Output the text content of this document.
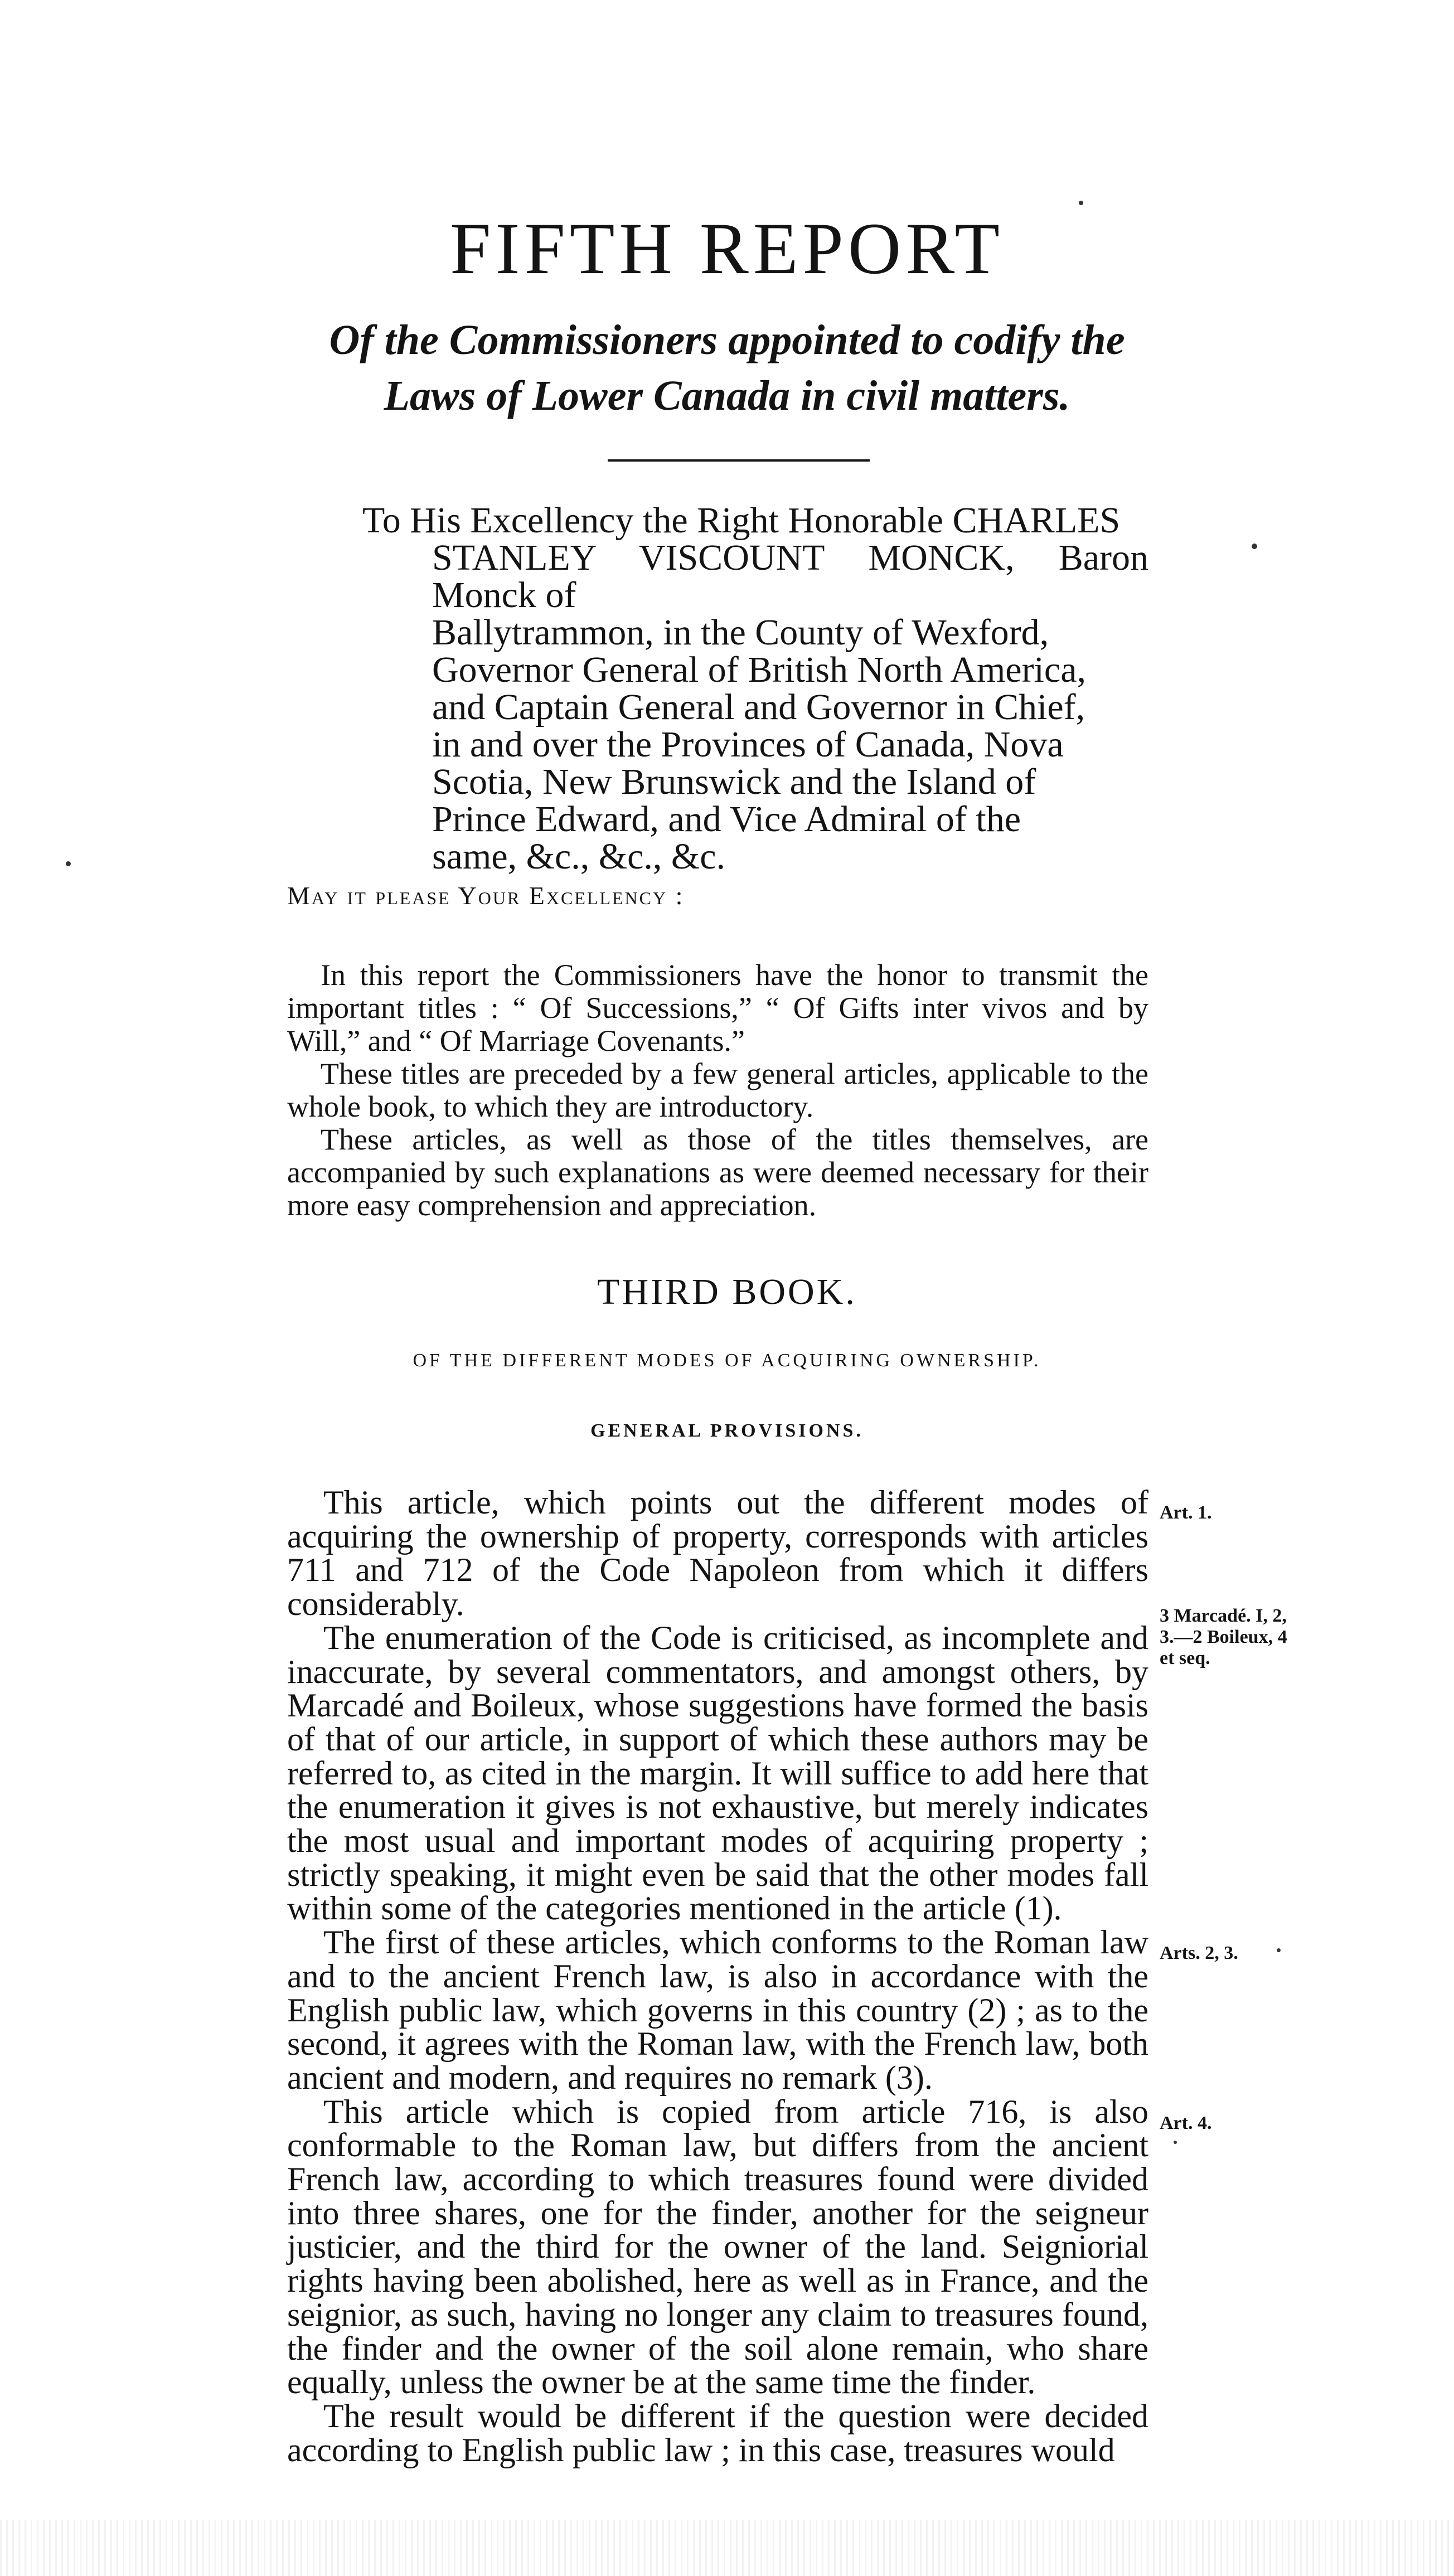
FIFTH REPORT
Of the Commissioners appointed to codify the
Laws of Lower Canada in civil matters.
To His Excellency the Right Honorable CHARLES
STANLEY VISCOUNT MONCK, Baron Monck of
Ballytrammon, in the County of Wexford,
Governor General of British North America,
and Captain General and Governor in Chief,
in and over the Provinces of Canada, Nova
Scotia, New Brunswick and the Island of
Prince Edward, and Vice Admiral of the
same, &c., &c., &c.
May it please Your Excellency :

In this report the Commissioners have the honor to transmit the important titles : “ Of Successions,” “ Of Gifts inter vivos and by Will,” and “ Of Marriage Covenants.”

These titles are preceded by a few general articles, applicable to the whole book, to which they are introductory.

These articles, as well as those of the titles themselves, are accompanied by such explanations as were deemed necessary for their more easy comprehension and appreciation.

THIRD BOOK.
OF THE DIFFERENT MODES OF ACQUIRING OWNERSHIP.
GENERAL PROVISIONS.

This article, which points out the different modes of acquiring the ownership of property, corresponds with articles 711 and 712 of the Code Napoleon from which it differs considerably.

The enumeration of the Code is criticised, as incomplete and inaccurate, by several commentators, and amongst others, by Marcadé and Boileux, whose suggestions have formed the basis of that of our article, in support of which these authors may be referred to, as cited in the margin. It will suffice to add here that the enumeration it gives is not exhaustive, but merely indicates the most usual and important modes of acquiring property ; strictly speaking, it might even be said that the other modes fall within some of the categories mentioned in the article (1).

The first of these articles, which conforms to the Roman law and to the ancient French law, is also in accordance with the English public law, which governs in this country (2) ; as to the second, it agrees with the Roman law, with the French law, both ancient and modern, and requires no remark (3).

This article which is copied from article 716, is also conformable to the Roman law, but differs from the ancient French law, according to which treasures found were divided into three shares, one for the finder, another for the seigneur justicier, and the third for the owner of the land. Seigniorial rights having been abolished, here as well as in France, and the seignior, as such, having no longer any claim to treasures found, the finder and the owner of the soil alone remain, who share equally, unless the owner be at the same time the finder.

The result would be different if the question were decided according to English public law ; in this case, treasures would

Art. 1.
3 Marcadé. I, 2, 3.—2 Boileux, 4 et seq.
Arts. 2, 3.
Art. 4.
